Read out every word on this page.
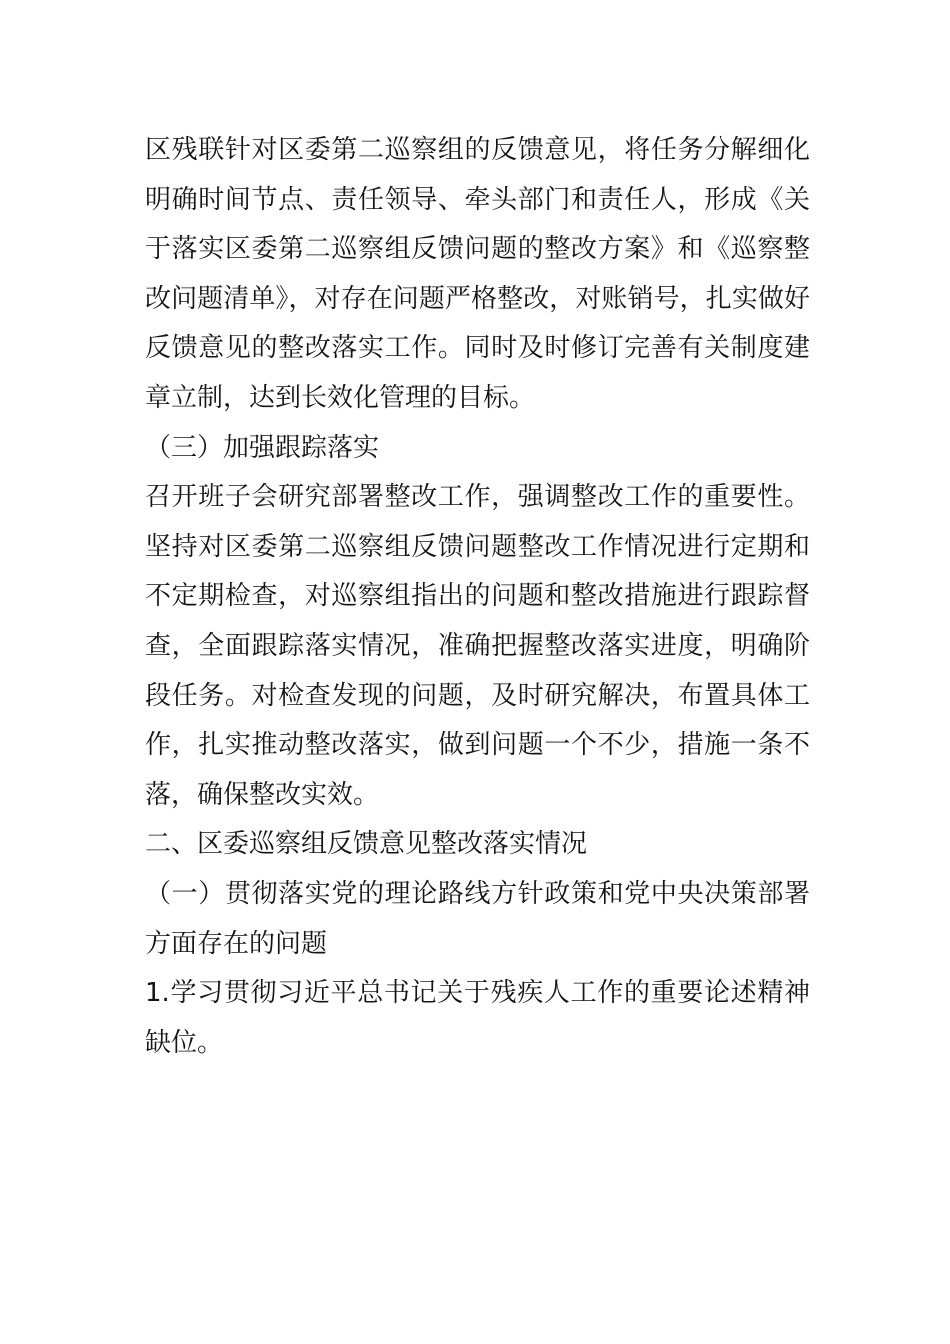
区残联针对区委第二巡察组的反馈意见，将任务分解细化明确时间节点、责任领导、牵头部门和责任人，形成《关于落实区委第二巡察组反馈问题的整改方案》和《巡察整改问题清单》，对存在问题严格整改，对账销号，扎实做好反馈意见的整改落实工作。同时及时修订完善有关制度建章立制，达到长效化管理的目标。

（三）加强跟踪落实

召开班子会研究部署整改工作，强调整改工作的重要性。坚持对区委第二巡察组反馈问题整改工作情况进行定期和不定期检查，对巡察组指出的问题和整改措施进行跟踪督查，全面跟踪落实情况，准确把握整改落实进度，明确阶段任务。对检查发现的问题，及时研究解决，布置具体工作，扎实推动整改落实，做到问题一个不少，措施一条不落，确保整改实效。

二、区委巡察组反馈意见整改落实情况

（一）贯彻落实党的理论路线方针政策和党中央决策部署方面存在的问题

1.学习贯彻习近平总书记关于残疾人工作的重要论述精神缺位。
